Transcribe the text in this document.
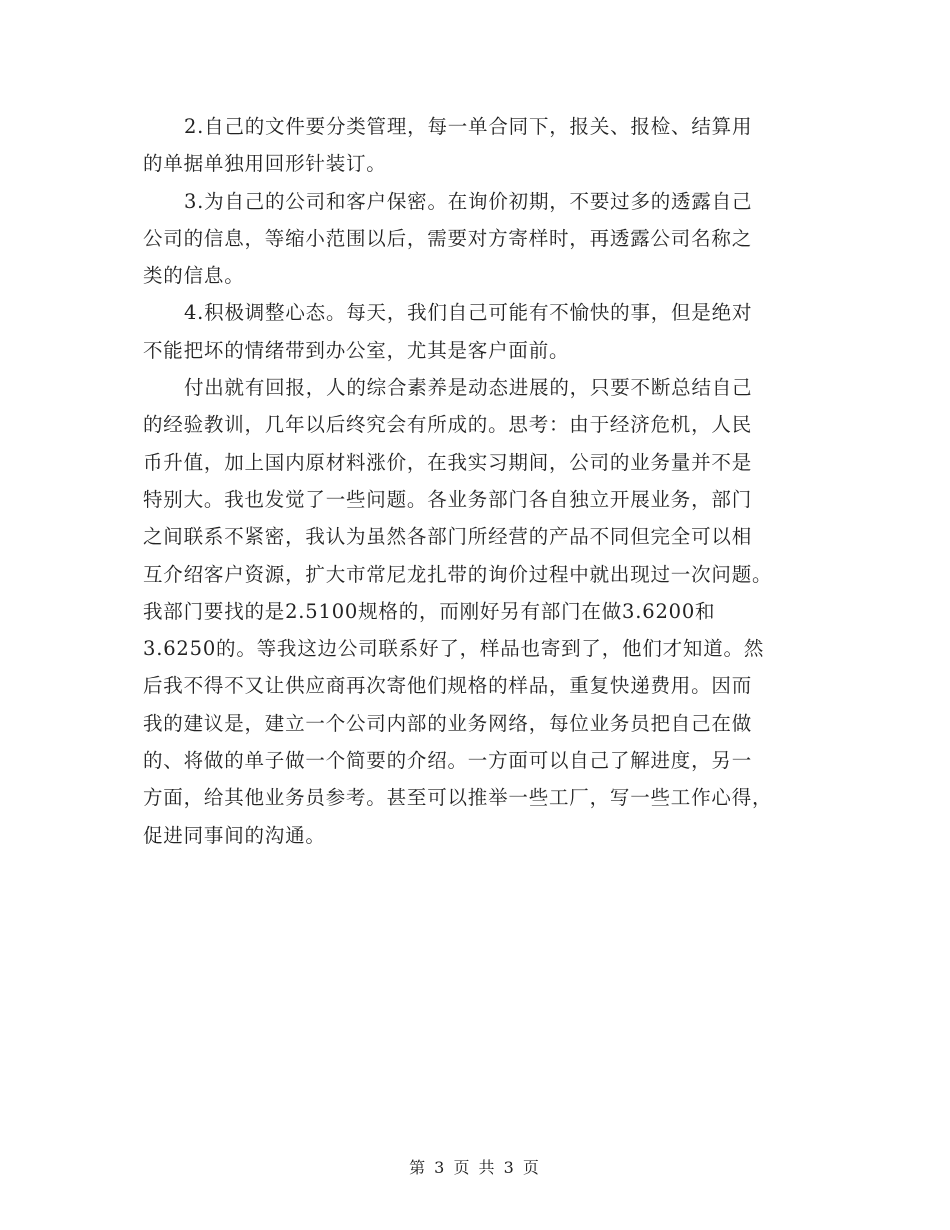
2.自己的文件要分类管理，每一单合同下，报关、报检、结算用
的单据单独用回形针装订。

3.为自己的公司和客户保密。在询价初期，不要过多的透露自己
公司的信息，等缩小范围以后，需要对方寄样时，再透露公司名称之
类的信息。

4.积极调整心态。每天，我们自己可能有不愉快的事，但是绝对
不能把坏的情绪带到办公室，尤其是客户面前。

付出就有回报，人的综合素养是动态进展的，只要不断总结自己
的经验教训，几年以后终究会有所成的。思考：由于经济危机，人民
币升值，加上国内原材料涨价，在我实习期间，公司的业务量并不是
特别大。我也发觉了一些问题。各业务部门各自独立开展业务，部门
之间联系不紧密，我认为虽然各部门所经营的产品不同但完全可以相
互介绍客户资源，扩大市常尼龙扎带的询价过程中就出现过一次问题。
我部门要找的是2.5100规格的，而刚好另有部门在做3.6200和
3.6250的。等我这边公司联系好了，样品也寄到了，他们才知道。然
后我不得不又让供应商再次寄他们规格的样品，重复快递费用。因而
我的建议是，建立一个公司内部的业务网络，每位业务员把自己在做
的、将做的单子做一个简要的介绍。一方面可以自己了解进度，另一
方面，给其他业务员参考。甚至可以推举一些工厂，写一些工作心得，
促进同事间的沟通。

第 3 页 共 3 页
